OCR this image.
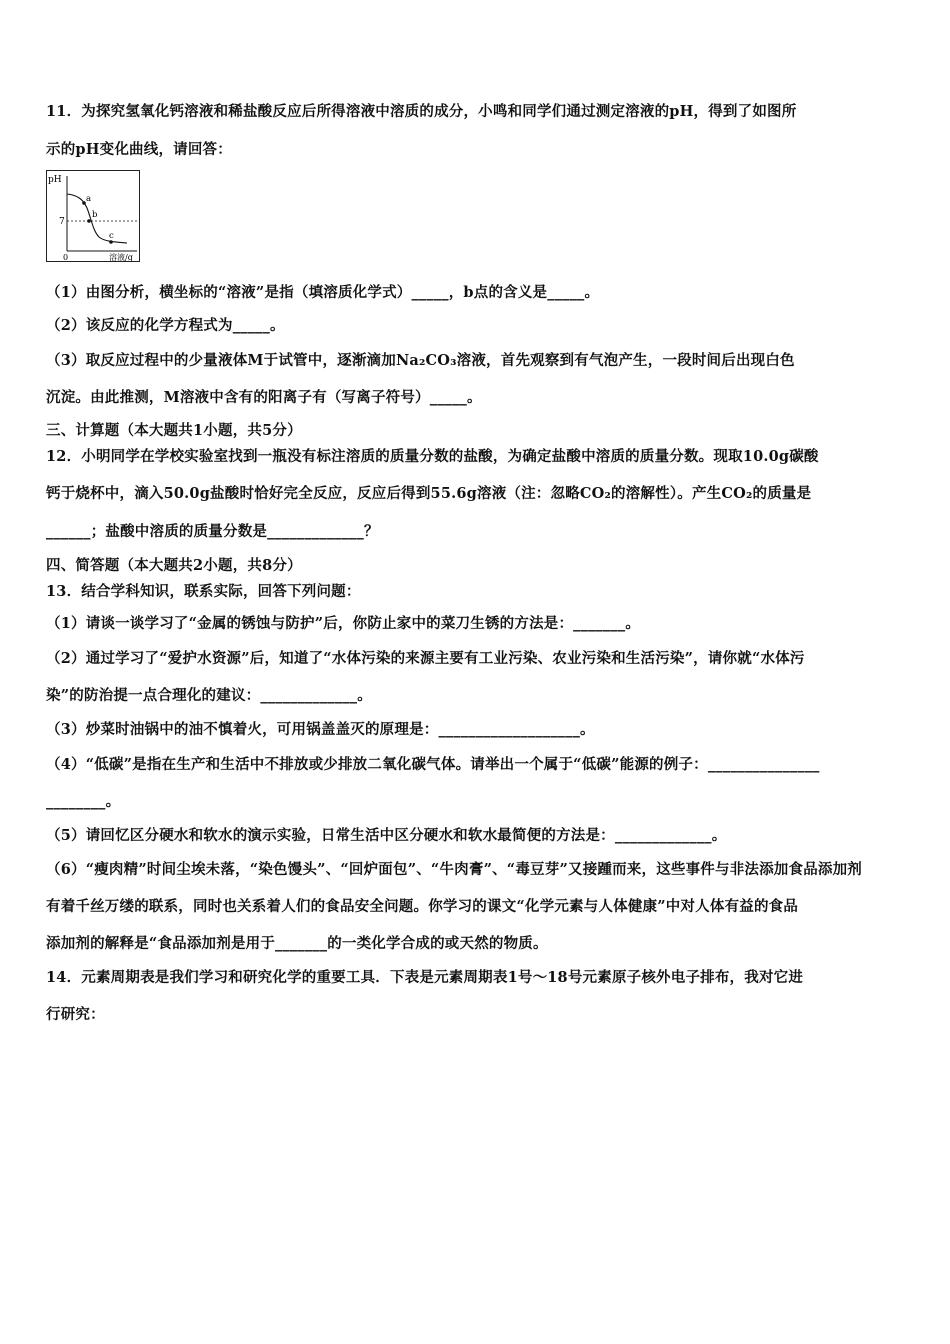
11．为探究氢氧化钙溶液和稀盐酸反应后所得溶液中溶质的成分，小鸣和同学们通过测定溶液的pH，得到了如图所
示的pH变化曲线，请回答：
pH
7
0	溶液/g
a
b
c
（1）由图分析，横坐标的“溶液”是指（填溶质化学式）_____，b点的含义是_____。
（2）该反应的化学方程式为_____。
（3）取反应过程中的少量液体M于试管中，逐渐滴加Na₂CO₃溶液，首先观察到有气泡产生，一段时间后出现白色
沉淀。由此推测，M溶液中含有的阳离子有（写离子符号）_____。
三、计算题（本大题共1小题，共5分）
12．小明同学在学校实验室找到一瓶没有标注溶质的质量分数的盐酸，为确定盐酸中溶质的质量分数。现取10.0g碳酸
钙于烧杯中，滴入50.0g盐酸时恰好完全反应，反应后得到55.6g溶液（注：忽略CO₂的溶解性）。产生CO₂的质量是
______；盐酸中溶质的质量分数是_____________？
四、简答题（本大题共2小题，共8分）
13．结合学科知识，联系实际，回答下列问题：
（1）请谈一谈学习了“金属的锈蚀与防护”后，你防止家中的菜刀生锈的方法是：_______。
（2）通过学习了“爱护水资源”后，知道了“水体污染的来源主要有工业污染、农业污染和生活污染”，请你就“水体污
染”的防治提一点合理化的建议：_____________。
（3）炒菜时油锅中的油不慎着火，可用锅盖盖灭的原理是：___________________。
（4）“低碳”是指在生产和生活中不排放或少排放二氧化碳气体。请举出一个属于“低碳”能源的例子：_______________
________。
（5）请回忆区分硬水和软水的演示实验，日常生活中区分硬水和软水最简便的方法是：_____________。
（6）“瘦肉精”时间尘埃未落，“染色馒头”、“回炉面包”、“牛肉膏”、“毒豆芽”又接踵而来，这些事件与非法添加食品添加剂
有着千丝万缕的联系，同时也关系着人们的食品安全问题。你学习的课文“化学元素与人体健康”中对人体有益的食品
添加剂的解释是“食品添加剂是用于_______的一类化学合成的或天然的物质。
14．元素周期表是我们学习和研究化学的重要工具．下表是元素周期表1号～18号元素原子核外电子排布，我对它进
行研究：
